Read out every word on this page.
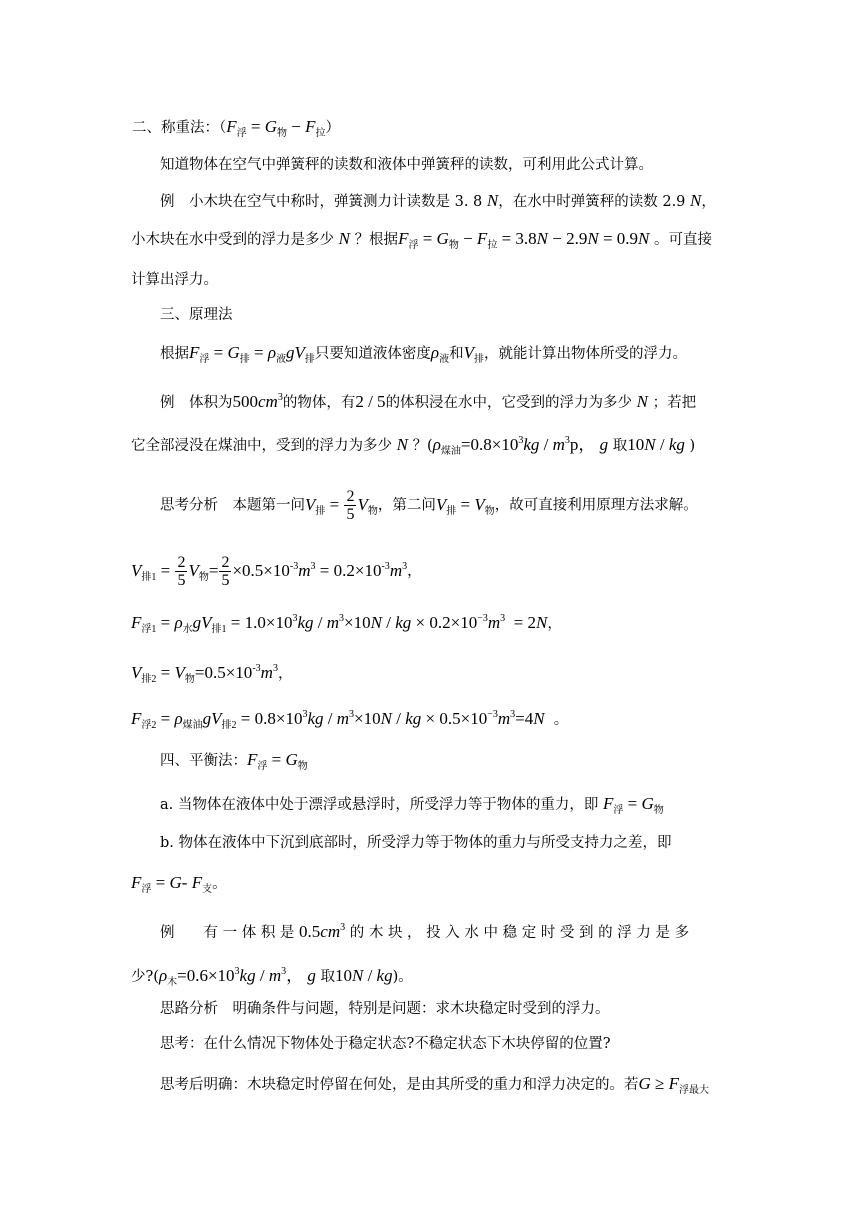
二、称重法：$(F_浮 = G_物 - F_拉)$
知道物体在空气中弹簧秤的读数和液体中弹簧秤的读数，可利用此公式计算。
例　小木块在空气中称时，弹簧测力计读数是 3. 8 N，在水中时弹簧秤的读数 2.9 N，
小木块在水中受到的浮力是多少 N ？根据$F_浮 = G_物 - F_拉 = 3.8N - 2.9N = 0.9N$ 。可直接
计算出浮力。
三、原理法
根据$F_浮 = G_排 = \rho_液gV_排$只要知道液体密度$\rho_液$和$V_排$，就能计算出物体所受的浮力。
例　体积为$500cm^3$的物体，有2 / 5的体积浸在水中，它受到的浮力为多少 N ；若把
它全部浸没在煤油中，受到的浮力为多少 N ？($\rho_{煤油}=0.8\times 10^3kg / m^3p$， g 取10N / kg )
思考分析　本题第一问$V_排 = \frac{2}{5} V_物$，第二问$V_排 = V_物$，故可直接利用原理方法求解。
$V_{排1} = \frac{2}{5} V_物= \frac{2}{5} \times 0.5\times 10^{-3}m^3 = 0.2\times 10^{-3}m^3$，
$F_{浮1} = \rho_水gV_{排1} = 1.0\times 10^3kg / m^3\times 10N$ / kg × $0.2\times 10^{-3}m^3 = 2N$，
$V_{排2} = V_物=0.5\times 10^{-3}m^3$，
$F_{浮2} = \rho_{煤油}gV_{排2} = 0.8\times 10^3kg / m^3\times 10N$ / kg × $0.5\times 10^{-3}m^3=4N$  。
四、平衡法：$F_浮 = G_物$
a. 当物体在液体中处于漂浮或悬浮时，所受浮力等于物体的重力，即 $F_浮 = G_物$
b. 物体在液体中下沉到底部时，所受浮力等于物体的重力与所受支持力之差，即
$F_浮 = G-$ $F_支$。
例　　有 一 体 积 是 $0.5cm^3$ 的 木 块 ， 投 入 水 中 稳 定 时 受 到 的 浮 力 是 多
少$?(\rho_木=0.6\times 10^3kg / m^3$， g 取10N / kg)。
思路分析　明确条件与问题，特别是问题：求木块稳定时受到的浮力。
思考：在什么情况下物体处于稳定状态?不稳定状态下木块停留的位置?
思考后明确：木块稳定时停留在何处，是由其所受的重力和浮力决定的。若$G \ge F_{浮最大}$
